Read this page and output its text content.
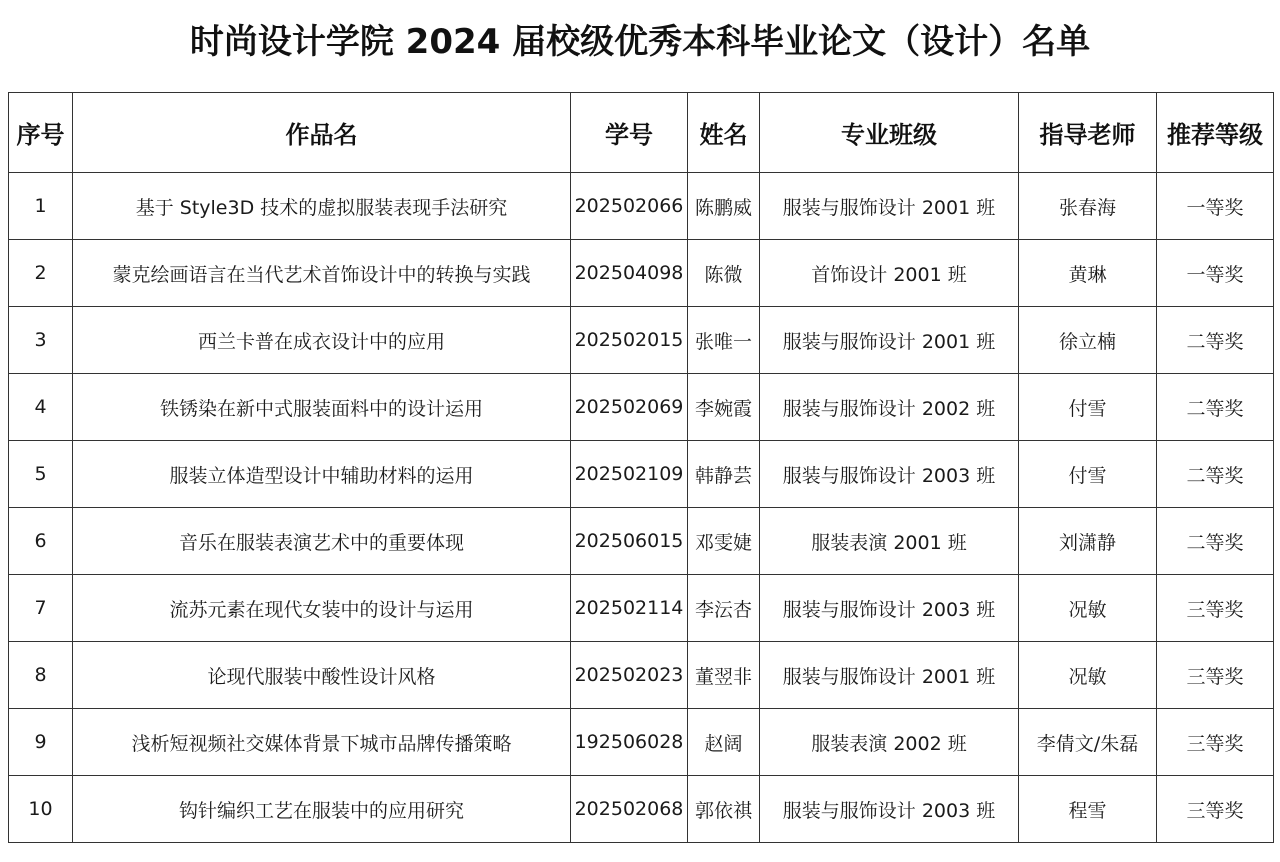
时尚设计学院 2024 届校级优秀本科毕业论文（设计）名单
序号	作品名	学号	姓名	专业班级	指导老师	推荐等级
1	基于 Style3D 技术的虚拟服装表现手法研究	202502066	陈鹏威	服装与服饰设计 2001 班	张春海	一等奖
2	蒙克绘画语言在当代艺术首饰设计中的转换与实践	202504098	陈微	首饰设计 2001 班	黄琳	一等奖
3	西兰卡普在成衣设计中的应用	202502015	张唯一	服装与服饰设计 2001 班	徐立楠	二等奖
4	铁锈染在新中式服装面料中的设计运用	202502069	李婉霞	服装与服饰设计 2002 班	付雪	二等奖
5	服装立体造型设计中辅助材料的运用	202502109	韩静芸	服装与服饰设计 2003 班	付雪	二等奖
6	音乐在服装表演艺术中的重要体现	202506015	邓雯婕	服装表演 2001 班	刘潇静	二等奖
7	流苏元素在现代女装中的设计与运用	202502114	李沄杏	服装与服饰设计 2003 班	况敏	三等奖
8	论现代服装中酸性设计风格	202502023	董翌非	服装与服饰设计 2001 班	况敏	三等奖
9	浅析短视频社交媒体背景下城市品牌传播策略	192506028	赵阔	服装表演 2002 班	李倩文/朱磊	三等奖
10	钩针编织工艺在服装中的应用研究	202502068	郭依祺	服装与服饰设计 2003 班	程雪	三等奖
